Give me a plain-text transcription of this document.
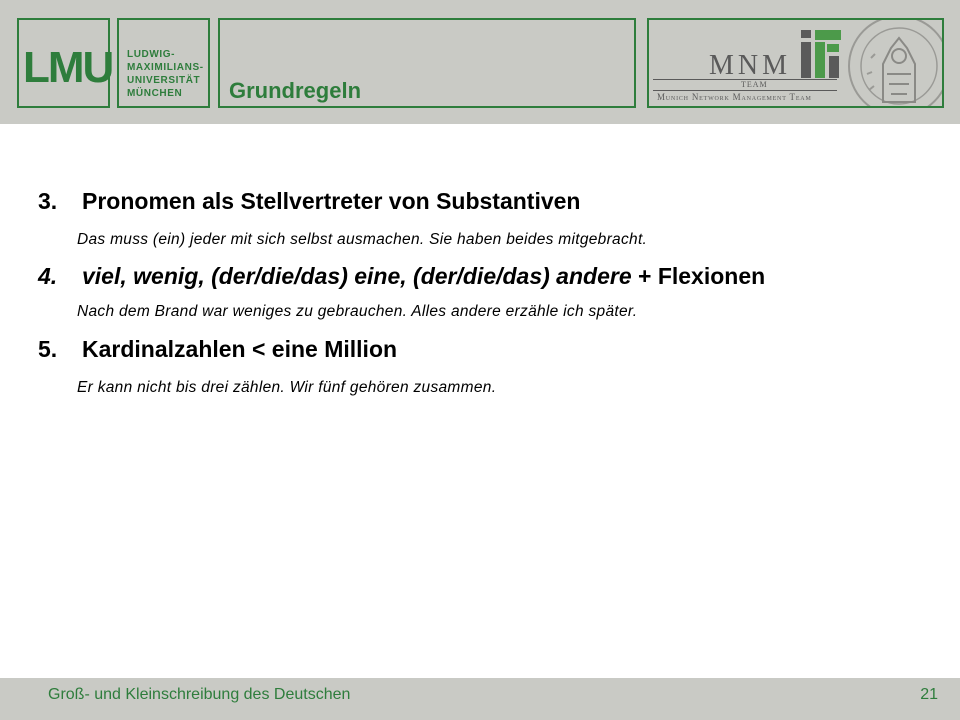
LMU LUDWIG-
MAXIMILIANS-
UNIVERSITÄT
MÜNCHEN	Grundregeln
MNM
TEAM
Munich Network Management Team
3. Pronomen als Stellvertreter von Substantiven
Das muss (ein) jeder mit sich selbst ausmachen. Sie haben beides mitgebracht.
4. viel, wenig, (der/die/das) eine, (der/die/das) andere + Flexionen
Nach dem Brand war weniges zu gebrauchen. Alles andere erzähle ich später.
5. Kardinalzahlen < eine Million
Er kann nicht bis drei zählen. Wir fünf gehören zusammen.
Groß- und Kleinschreibung des Deutschen	21
